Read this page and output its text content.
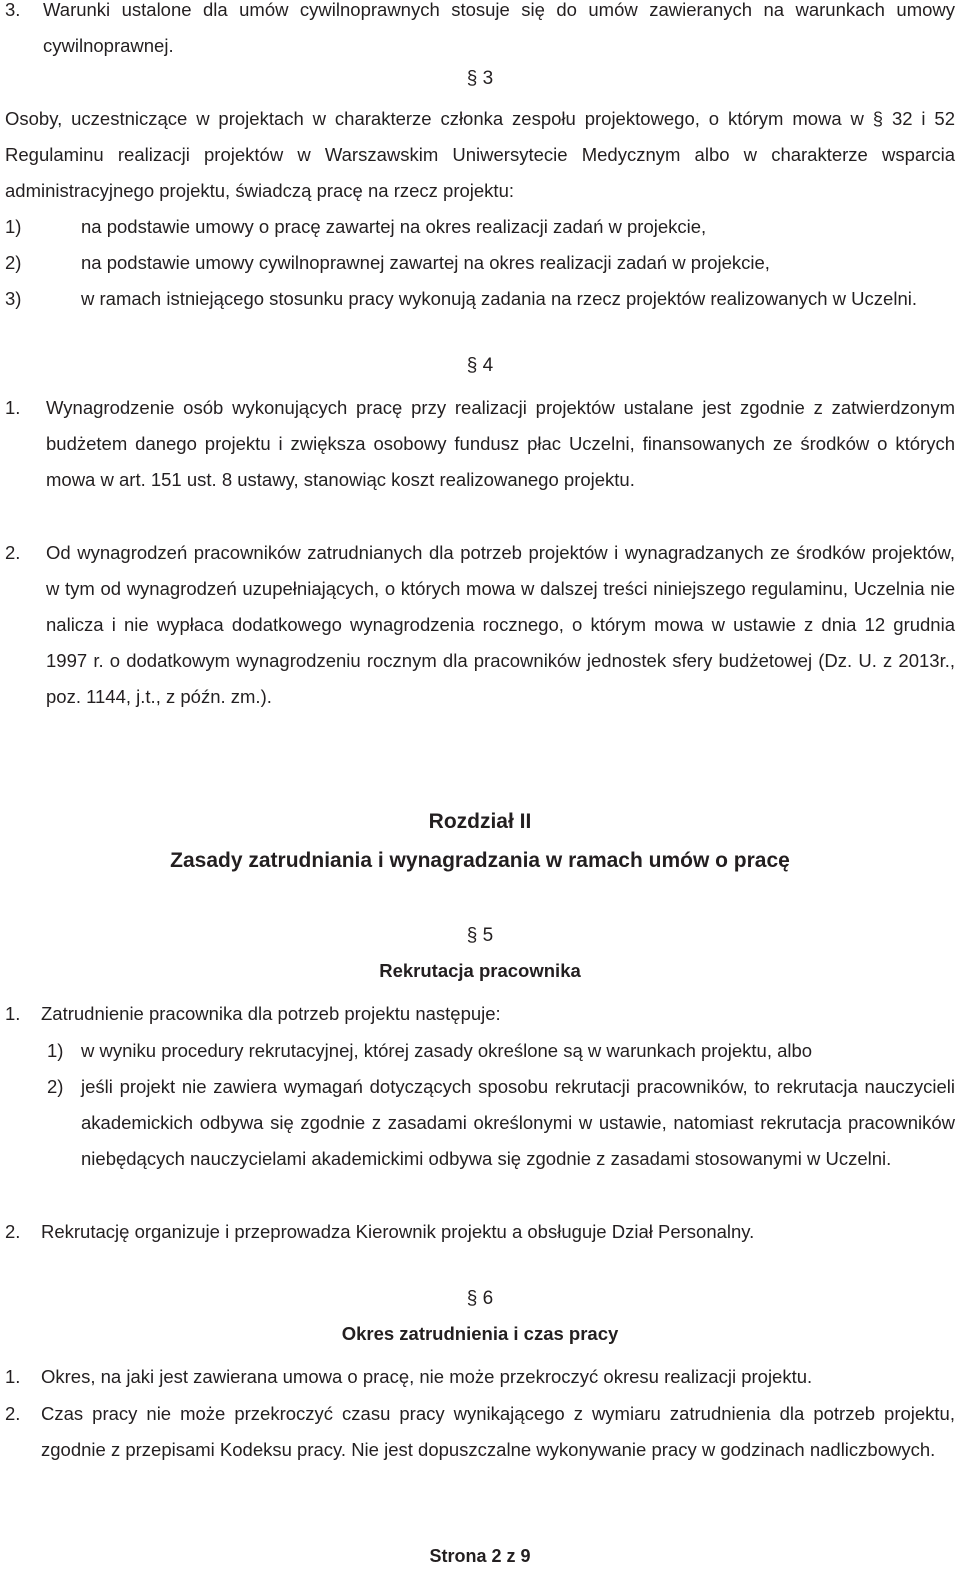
3.	Warunki ustalone dla umów cywilnoprawnych stosuje się do umów zawieranych na warunkach umowy cywilnoprawnej.
§ 3
Osoby, uczestniczące w projektach w charakterze członka zespołu projektowego, o którym mowa w § 32 i 52 Regulaminu realizacji projektów w Warszawskim Uniwersytecie Medycznym albo w charakterze wsparcia administracyjnego projektu, świadczą pracę na rzecz projektu:
1)	na podstawie umowy o pracę zawartej na okres realizacji zadań w projekcie,
2)	na podstawie umowy cywilnoprawnej zawartej na okres realizacji zadań w projekcie,
3)	w ramach istniejącego stosunku pracy wykonują zadania na rzecz projektów realizowanych w Uczelni.
§ 4
1.	Wynagrodzenie osób wykonujących pracę przy realizacji projektów ustalane jest zgodnie z zatwierdzonym budżetem danego projektu i zwiększa osobowy fundusz płac Uczelni, finansowanych ze środków o których mowa w art. 151 ust. 8 ustawy, stanowiąc koszt realizowanego projektu.
2.	Od wynagrodzeń pracowników zatrudnianych dla potrzeb projektów i wynagradzanych ze środków projektów, w tym od wynagrodzeń uzupełniających, o których mowa w dalszej treści niniejszego regulaminu, Uczelnia nie nalicza i nie wypłaca dodatkowego wynagrodzenia rocznego, o którym mowa w ustawie z dnia 12 grudnia 1997 r. o dodatkowym wynagrodzeniu rocznym dla pracowników jednostek sfery budżetowej (Dz. U. z 2013r., poz. 1144, j.t., z późn. zm.).
Rozdział II
Zasady zatrudniania i wynagradzania w ramach umów o pracę
§ 5
Rekrutacja pracownika
1.	Zatrudnienie pracownika dla potrzeb projektu następuje:
1) w wyniku procedury rekrutacyjnej, której zasady określone są w warunkach projektu, albo
2) jeśli projekt nie zawiera wymagań dotyczących sposobu rekrutacji pracowników, to rekrutacja nauczycieli akademickich odbywa się zgodnie z zasadami określonymi w ustawie, natomiast rekrutacja pracowników niebędących nauczycielami akademickimi odbywa się zgodnie z zasadami stosowanymi w Uczelni.
2.	Rekrutację organizuje i przeprowadza Kierownik projektu a obsługuje Dział Personalny.
§ 6
Okres zatrudnienia i czas pracy
1.	Okres, na jaki jest zawierana umowa o pracę, nie może przekroczyć okresu realizacji projektu.
2.	Czas pracy nie może przekroczyć czasu pracy wynikającego z wymiaru zatrudnienia dla potrzeb projektu, zgodnie z przepisami Kodeksu pracy. Nie jest dopuszczalne wykonywanie pracy w godzinach nadliczbowych.
Strona 2 z 9
